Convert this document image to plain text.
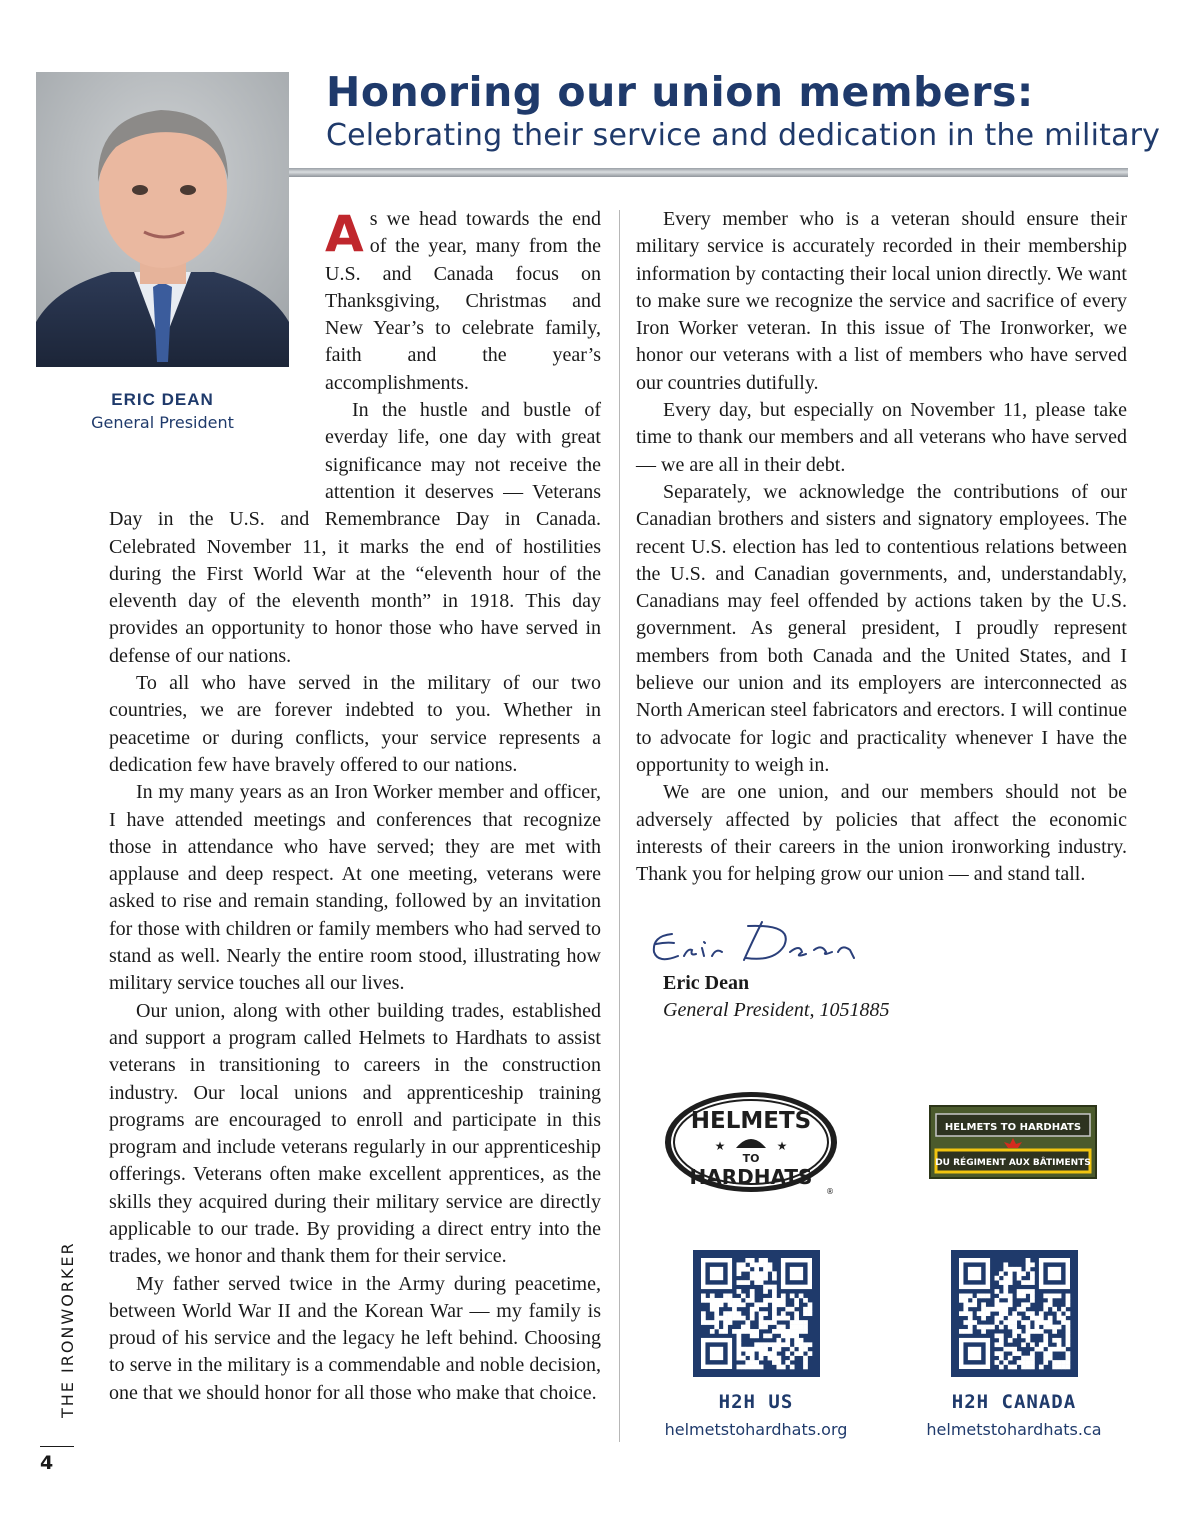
ERIC DEAN
General President
Honoring our union members:
Celebrating their service and dedication in the military

As we head towards the end of the year, many from the U.S. and Canada focus on Thanksgiving, Christmas and New Year’s to celebrate family, faith and the year’s accomplishments.

In the hustle and bustle of everday life, one day with great significance may not receive the attention it deserves — Veterans Day in the U.S. and Remembrance Day in Canada. Celebrated November 11, it marks the end of hostilities during the First World War at the “eleventh hour of the eleventh day of the eleventh month” in 1918. This day provides an opportunity to honor those who have served in defense of our nations.

To all who have served in the military of our two countries, we are forever indebted to you. Whether in peacetime or during conflicts, your service represents a dedication few have bravely offered to our nations.

In my many years as an Iron Worker member and officer, I have attended meetings and conferences that recognize those in attendance who have served; they are met with applause and deep respect. At one meeting, veterans were asked to rise and remain standing, followed by an invitation for those with children or family members who had served to stand as well. Nearly the entire room stood, illustrating how military service touches all our lives.

Our union, along with other building trades, established and support a program called Helmets to Hardhats to assist veterans in transitioning to careers in the construction industry. Our local unions and apprenticeship training programs are encouraged to enroll and participate in this program and include veterans regularly in our apprenticeship offerings. Veterans often make excellent apprentices, as the skills they acquired during their military service are directly applicable to our trade. By providing a direct entry into the trades, we honor and thank them for their service.

My father served twice in the Army during peacetime, between World War II and the Korean War — my family is proud of his service and the legacy he left behind. Choosing to serve in the military is a commendable and noble decision, one that we should honor for all those who make that choice.

Every member who is a veteran should ensure their military service is accurately recorded in their membership information by contacting their local union directly. We want to make sure we recognize the service and sacrifice of every Iron Worker veteran. In this issue of The Ironworker, we honor our veterans with a list of members who have served our countries dutifully.

Every day, but especially on November 11, please take time to thank our members and all veterans who have served — we are all in their debt.

Separately, we acknowledge the contributions of our Canadian brothers and sisters and signatory employees. The recent U.S. election has led to contentious relations between the U.S. and Canadian governments, and, understandably, Canadians may feel offended by actions taken by the U.S. government. As general president, I proudly represent members from both Canada and the United States, and I believe our union and its employers are interconnected as North American steel fabricators and erectors. I will continue to advocate for logic and practicality whenever I have the opportunity to weigh in.

We are one union, and our members should not be adversely affected by policies that affect the economic interests of their careers in the union ironworking industry. Thank you for helping grow our union — and stand tall.

Eric Dean
General President, 1051885
HELMETS
TO
★	★
HARDHATS
®
HELMETS TO HARDHATS
DU RÉGIMENT AUX BÂTIMENTS
H2H US	H2H CANADA
helmetstohardhats.org	helmetstohardhats.ca
THE IRONWORKER
4
